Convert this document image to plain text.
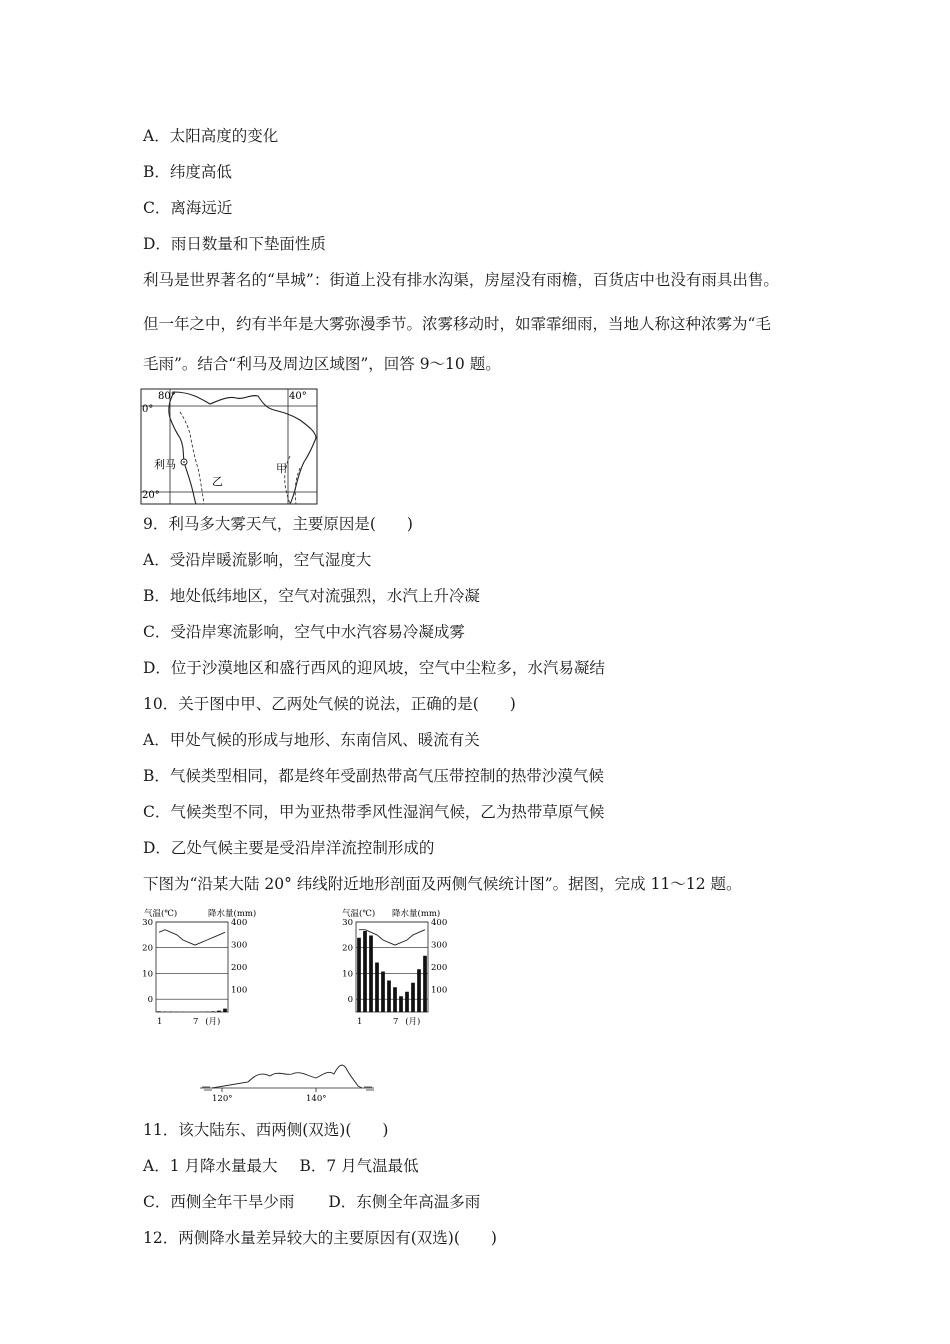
A．太阳高度的变化
B．纬度高低
C．离海远近
D．雨日数量和下垫面性质
利马是世界著名的“旱城”：街道上没有排水沟渠，房屋没有雨檐，百货店中也没有雨具出售。
但一年之中，约有半年是大雾弥漫季节。浓雾移动时，如霏霏细雨，当地人称这种浓雾为“毛
毛雨”。结合“利马及周边区域图”，回答 9～10 题。
0°
20°
80°	40°
利马
乙
甲
9．利马多大雾天气，主要原因是(　　)
A．受沿岸暖流影响，空气湿度大
B．地处低纬地区，空气对流强烈，水汽上升冷凝
C．受沿岸寒流影响，空气中水汽容易冷凝成雾
D．位于沙漠地区和盛行西风的迎风坡，空气中尘粒多，水汽易凝结
10．关于图中甲、乙两处气候的说法，正确的是(　　)
A．甲处气候的形成与地形、东南信风、暖流有关
B．气候类型相同，都是终年受副热带高气压带控制的热带沙漠气候
C．气候类型不同，甲为亚热带季风性湿润气候，乙为热带草原气候
D．乙处气候主要是受沿岸洋流控制形成的
下图为“沿某大陆 20° 纬线附近地形剖面及两侧气候统计图”。据图，完成 11～12 题。
气温(℃)	降水量(mm)	气温(℃) 降水量(mm)
30
20
10
0
400
300
200
100
1	7 (月)
30
20
10
0
400
300
200
100
1	7 (月)
120°	140°
11．该大陆东、西两侧(双选)(　　)
A．1 月降水量最大 B．7 月气温最低
C．西侧全年干旱少雨 D．东侧全年高温多雨
12．两侧降水量差异较大的主要原因有(双选)(　　)
